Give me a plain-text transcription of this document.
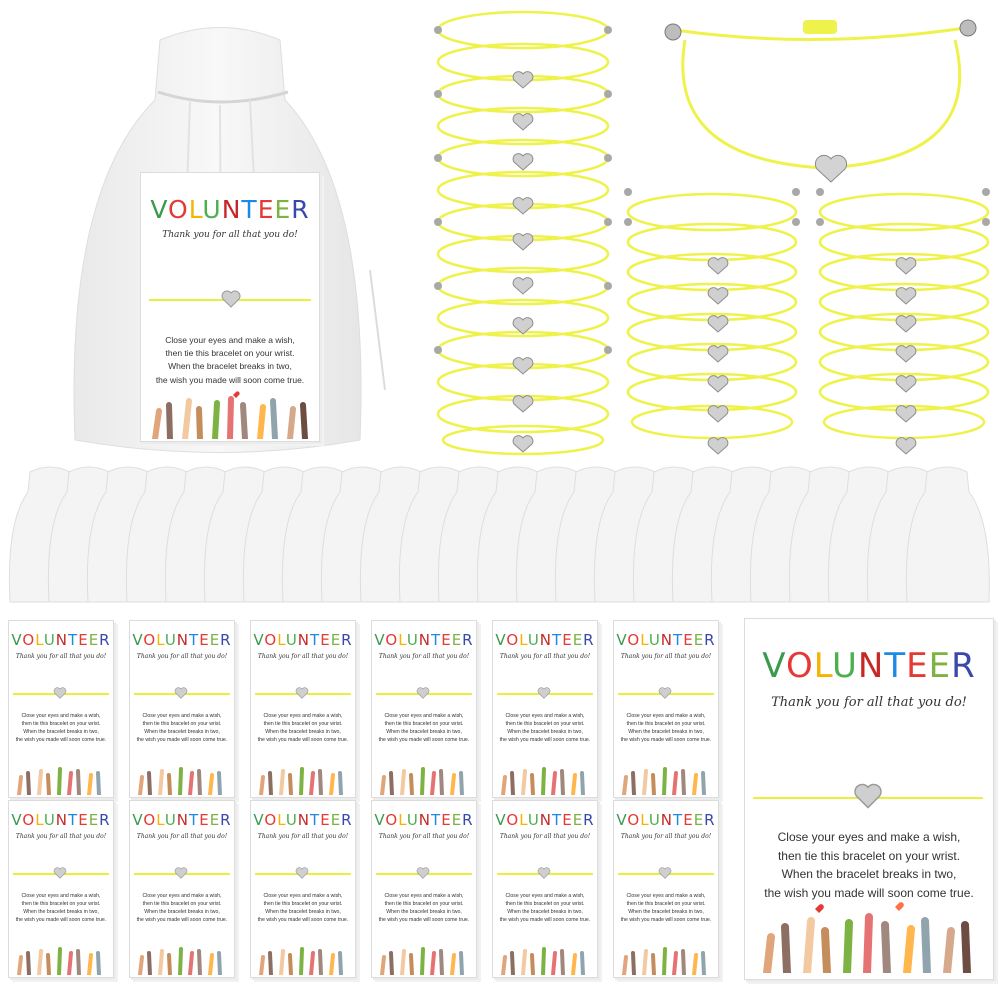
VOLUNTEER
Thank you for all that you do!
Close your eyes and make a wish,
then tie this bracelet on your wrist.
When the bracelet breaks in two,
the wish you made will soon come true.
VOLUNTEER
Thank you for all that you do!
Close your eyes and make a wish,
then tie this bracelet on your wrist.
When the bracelet breaks in two,
the wish you made will soon come true.
VOLUNTEER
Thank you for all that you do!
Close your eyes and make a wish,
then tie this bracelet on your wrist.
When the bracelet breaks in two,
the wish you made will soon come true.
VOLUNTEER
Thank you for all that you do!
Close your eyes and make a wish,
then tie this bracelet on your wrist.
When the bracelet breaks in two,
the wish you made will soon come true.
VOLUNTEER
Thank you for all that you do!
Close your eyes and make a wish,
then tie this bracelet on your wrist.
When the bracelet breaks in two,
the wish you made will soon come true.
VOLUNTEER
Thank you for all that you do!
Close your eyes and make a wish,
then tie this bracelet on your wrist.
When the bracelet breaks in two,
the wish you made will soon come true.
VOLUNTEER
Thank you for all that you do!
Close your eyes and make a wish,
then tie this bracelet on your wrist.
When the bracelet breaks in two,
the wish you made will soon come true.
VOLUNTEER
Thank you for all that you do!
Close your eyes and make a wish,
then tie this bracelet on your wrist.
When the bracelet breaks in two,
the wish you made will soon come true.
VOLUNTEER
Thank you for all that you do!
Close your eyes and make a wish,
then tie this bracelet on your wrist.
When the bracelet breaks in two,
the wish you made will soon come true.
VOLUNTEER
Thank you for all that you do!
Close your eyes and make a wish,
then tie this bracelet on your wrist.
When the bracelet breaks in two,
the wish you made will soon come true.
VOLUNTEER
Thank you for all that you do!
Close your eyes and make a wish,
then tie this bracelet on your wrist.
When the bracelet breaks in two,
the wish you made will soon come true.
VOLUNTEER
Thank you for all that you do!
Close your eyes and make a wish,
then tie this bracelet on your wrist.
When the bracelet breaks in two,
the wish you made will soon come true.
VOLUNTEER
Thank you for all that you do!
Close your eyes and make a wish,
then tie this bracelet on your wrist.
When the bracelet breaks in two,
the wish you made will soon come true.
VOLUNTEER
Thank you for all that you do!
Close your eyes and make a wish,
then tie this bracelet on your wrist.
When the bracelet breaks in two,
the wish you made will soon come true.
